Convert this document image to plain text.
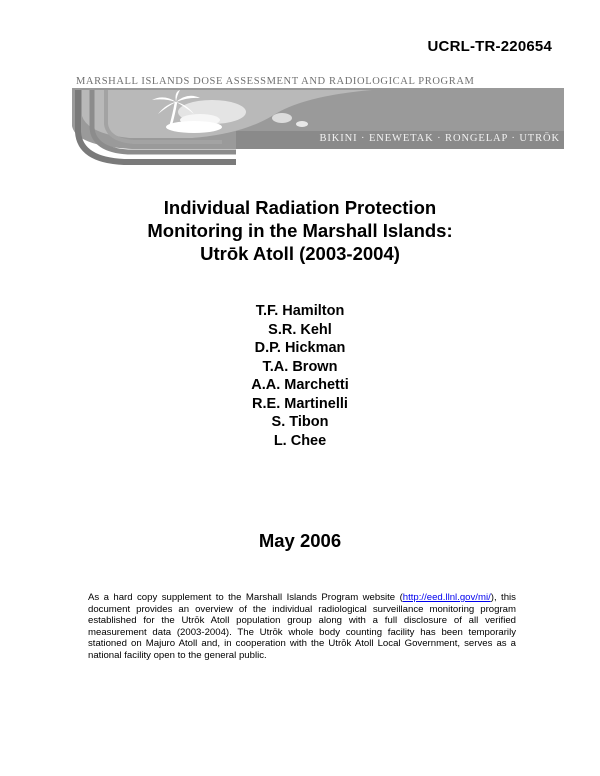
UCRL-TR-220654
MARSHALL ISLANDS DOSE ASSESSMENT AND RADIOLOGICAL PROGRAM
BIKINI · ENEWETAK · RONGELAP · UTRŌK
Individual Radiation Protection
Monitoring in the Marshall Islands:
Utrōk Atoll (2003-2004)
T.F. Hamilton
S.R. Kehl
D.P. Hickman
T.A. Brown
A.A. Marchetti
R.E. Martinelli
S. Tibon
L. Chee
May 2006
As a hard copy supplement to the Marshall Islands Program website (http://eed.llnl.gov/mi/), this document provides an overview of the individual radiological surveillance monitoring program established for the Utrōk Atoll population group along with a full disclosure of all verified measurement data (2003-2004). The Utrōk whole body counting facility has been temporarily stationed on Majuro Atoll and, in cooperation with the Utrōk Atoll Local Government, serves as a national facility open to the general public.
